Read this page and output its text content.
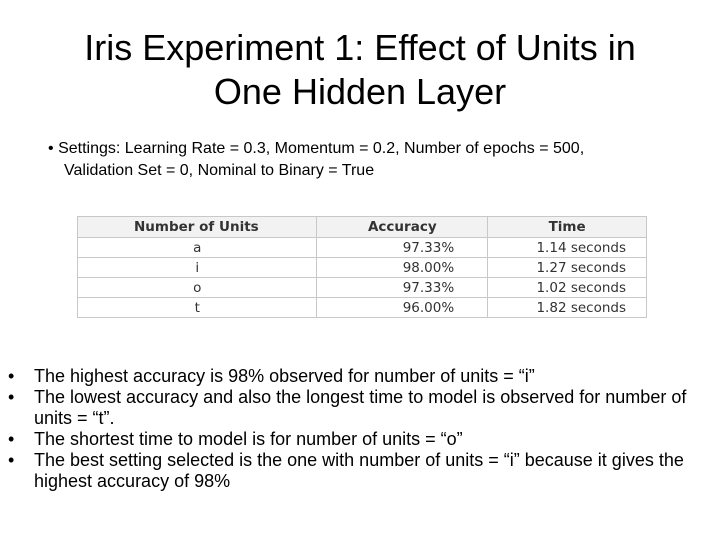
Iris Experiment 1: Effect of Units in
One Hidden Layer
• Settings: Learning Rate = 0.3, Momentum = 0.2, Number of epochs = 500,
Validation Set = 0, Nominal to Binary = True
Number of Units	Accuracy	Time
a	97.33%	1.14 seconds
i	98.00%	1.27 seconds
o	97.33%	1.02 seconds
t	96.00%	1.82 seconds
• The highest accuracy is 98% observed for number of units = “i”
• The lowest accuracy and also the longest time to model is observed for number of units = “t”.
• The shortest time to model is for number of units = “o”
• The best setting selected is the one with number of units = “i” because it gives the highest accuracy of 98%
